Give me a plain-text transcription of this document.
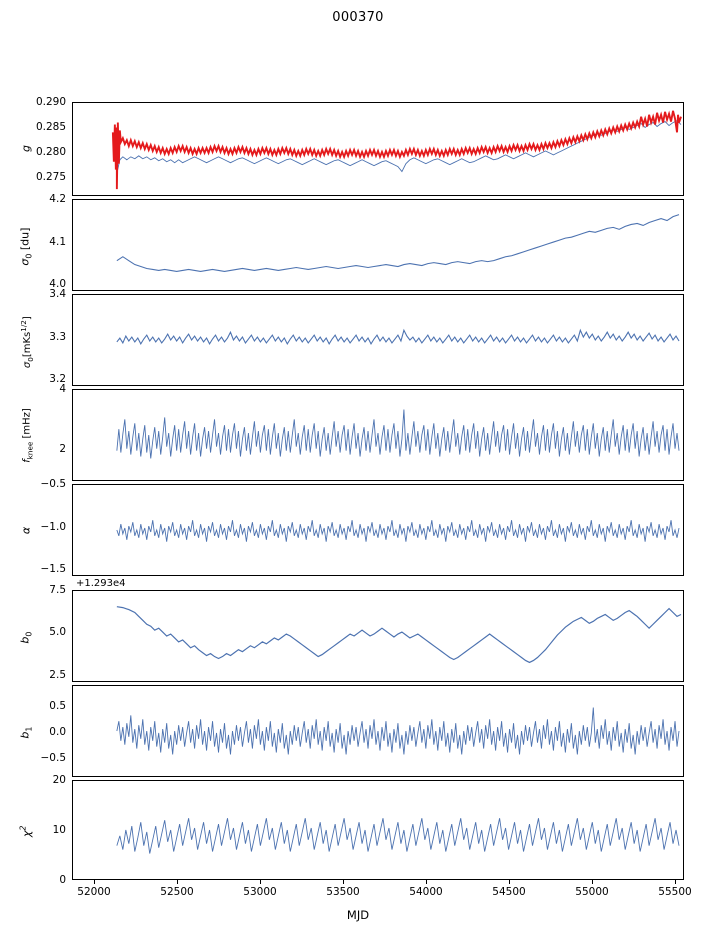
000370
g
0.290
0.285
0.280
0.275
$\sigma_0$ [du]
4.2
4.1
4.0
$\sigma_0[mKs^{1/2}]$
3.4
3.3
3.2
$f_{knee}$ [mHz]
4
2
α
−0.5
−1.0
−1.5
$b_0$
+1.293e4
7.5
5.0
2.5
$b_1$
0.5
0.0
−0.5
$\chi^2$
20
10
0
52000	52500	53000	53500	54000	54500	55000	55500
MJD
